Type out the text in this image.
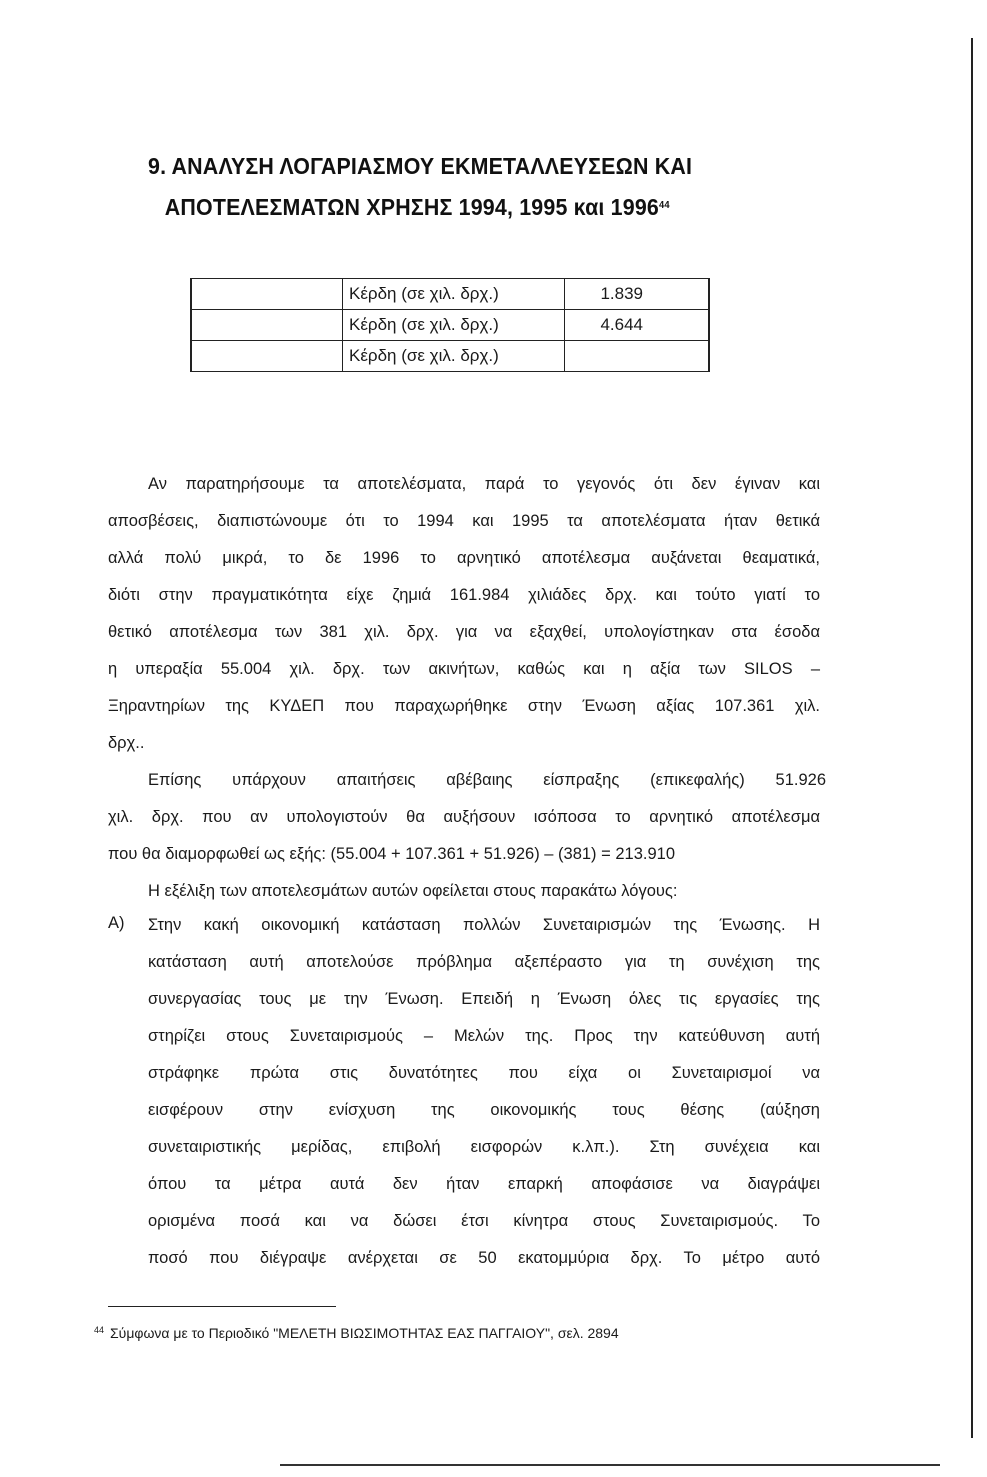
9. ΑΝΑΛΥΣΗ ΛΟΓΑΡΙΑΣΜΟΥ ΕΚΜΕΤΑΛΛΕΥΣΕΩΝ ΚΑΙ
ΑΠΟΤΕΛΕΣΜΑΤΩΝ ΧΡΗΣΗΣ 1994, 1995 και 1996$^{44}$
	Κέρδη (σε χιλ. δρχ.)	1.839
	Κέρδη (σε χιλ. δρχ.)	4.644
	Κέρδη (σε χιλ. δρχ.)	
Αν παρατηρήσουμε τα αποτελέσματα, παρά το γεγονός ότι δεν έγιναν και
αποσβέσεις, διαπιστώνουμε ότι το 1994 και 1995 τα αποτελέσματα ήταν θετικά
αλλά πολύ μικρά, το δε 1996 το αρνητικό αποτέλεσμα αυξάνεται θεαματικά,
διότι στην πραγματικότητα είχε ζημιά 161.984 χιλιάδες δρχ. και τούτο γιατί το
θετικό αποτέλεσμα των 381 χιλ. δρχ. για να εξαχθεί, υπολογίστηκαν στα έσοδα
η υπεραξία 55.004 χιλ. δρχ. των ακινήτων, καθώς και η αξία των SILOS –
Ξηραντηρίων της ΚΥΔΕΠ που παραχωρήθηκε στην Ένωση αξίας 107.361 χιλ.
δρχ..
Επίσης υπάρχουν απαιτήσεις αβέβαιης είσπραξης (επικεφαλής) 51.926
χιλ. δρχ. που αν υπολογιστούν θα αυξήσουν ισόποσα το αρνητικό αποτέλεσμα
που θα διαμορφωθεί ως εξής: (55.004 + 107.361 + 51.926) – (381) = 213.910
Η εξέλιξη των αποτελεσμάτων αυτών οφείλεται στους παρακάτω λόγους:
Α) Στην κακή οικονομική κατάσταση πολλών Συνεταιρισμών της Ένωσης. Η
κατάσταση αυτή αποτελούσε πρόβλημα αξεπέραστο για τη συνέχιση της
συνεργασίας τους με την Ένωση. Επειδή η Ένωση όλες τις εργασίες της
στηρίζει στους Συνεταιρισμούς – Μελών της. Προς την κατεύθυνση αυτή
στράφηκε πρώτα στις δυνατότητες που είχα οι Συνεταιρισμοί να
εισφέρουν στην ενίσχυση της οικονομικής τους θέσης (αύξηση
συνεταιριστικής μερίδας, επιβολή εισφορών κ.λπ.). Στη συνέχεια και
όπου τα μέτρα αυτά δεν ήταν επαρκή αποφάσισε να διαγράψει
ορισμένα ποσά και να δώσει έτσι κίνητρα στους Συνεταιρισμούς. Το
ποσό που διέγραψε ανέρχεται σε 50 εκατομμύρια δρχ. Το μέτρο αυτό
$^{44}$ Σύμφωνα με το Περιοδικό "ΜΕΛΕΤΗ ΒΙΩΣΙΜΟΤΗΤΑΣ ΕΑΣ ΠΑΓΓΑΙΟΥ", σελ. 2894
